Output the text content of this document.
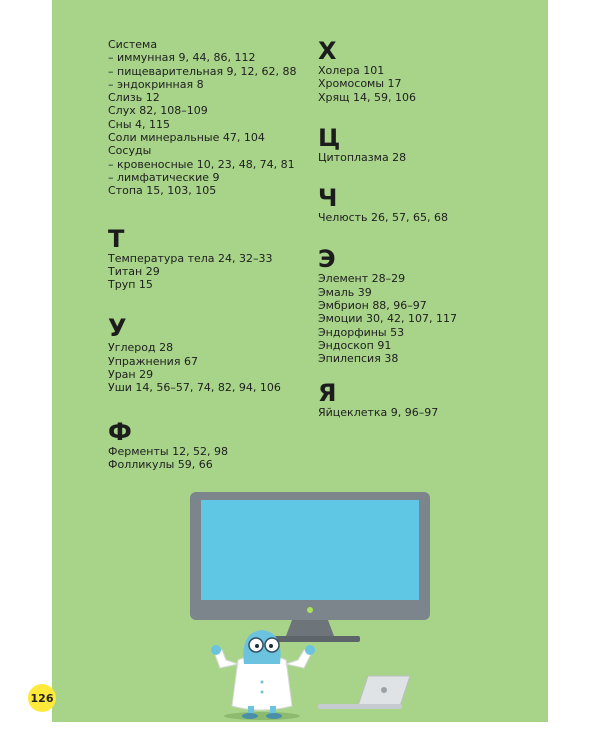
Система
– иммунная 9, 44, 86, 112
– пищеварительная 9, 12, 62, 88
– эндокринная 8
Слизь 12
Слух 82, 108–109
Сны 4, 115
Соли минеральные 47, 104
Сосуды
– кровеносные 10, 23, 48, 74, 81
– лимфатические 9
Стопа 15, 103, 105
Т
Температура тела 24, 32–33
Титан 29
Труп 15
У
Углерод 28
Упражнения 67
Уран 29
Уши 14, 56–57, 74, 82, 94, 106
Ф
Ферменты 12, 52, 98
Фолликулы 59, 66
Х
Холера 101
Хромосомы 17
Хрящ 14, 59, 106
Ц
Цитоплазма 28
Ч
Челюсть 26, 57, 65, 68
Э
Элемент 28–29
Эмаль 39
Эмбрион 88, 96–97
Эмоции 30, 42, 107, 117
Эндорфины 53
Эндоскоп 91
Эпилепсия 38
Я
Яйцеклетка 9, 96–97
126
